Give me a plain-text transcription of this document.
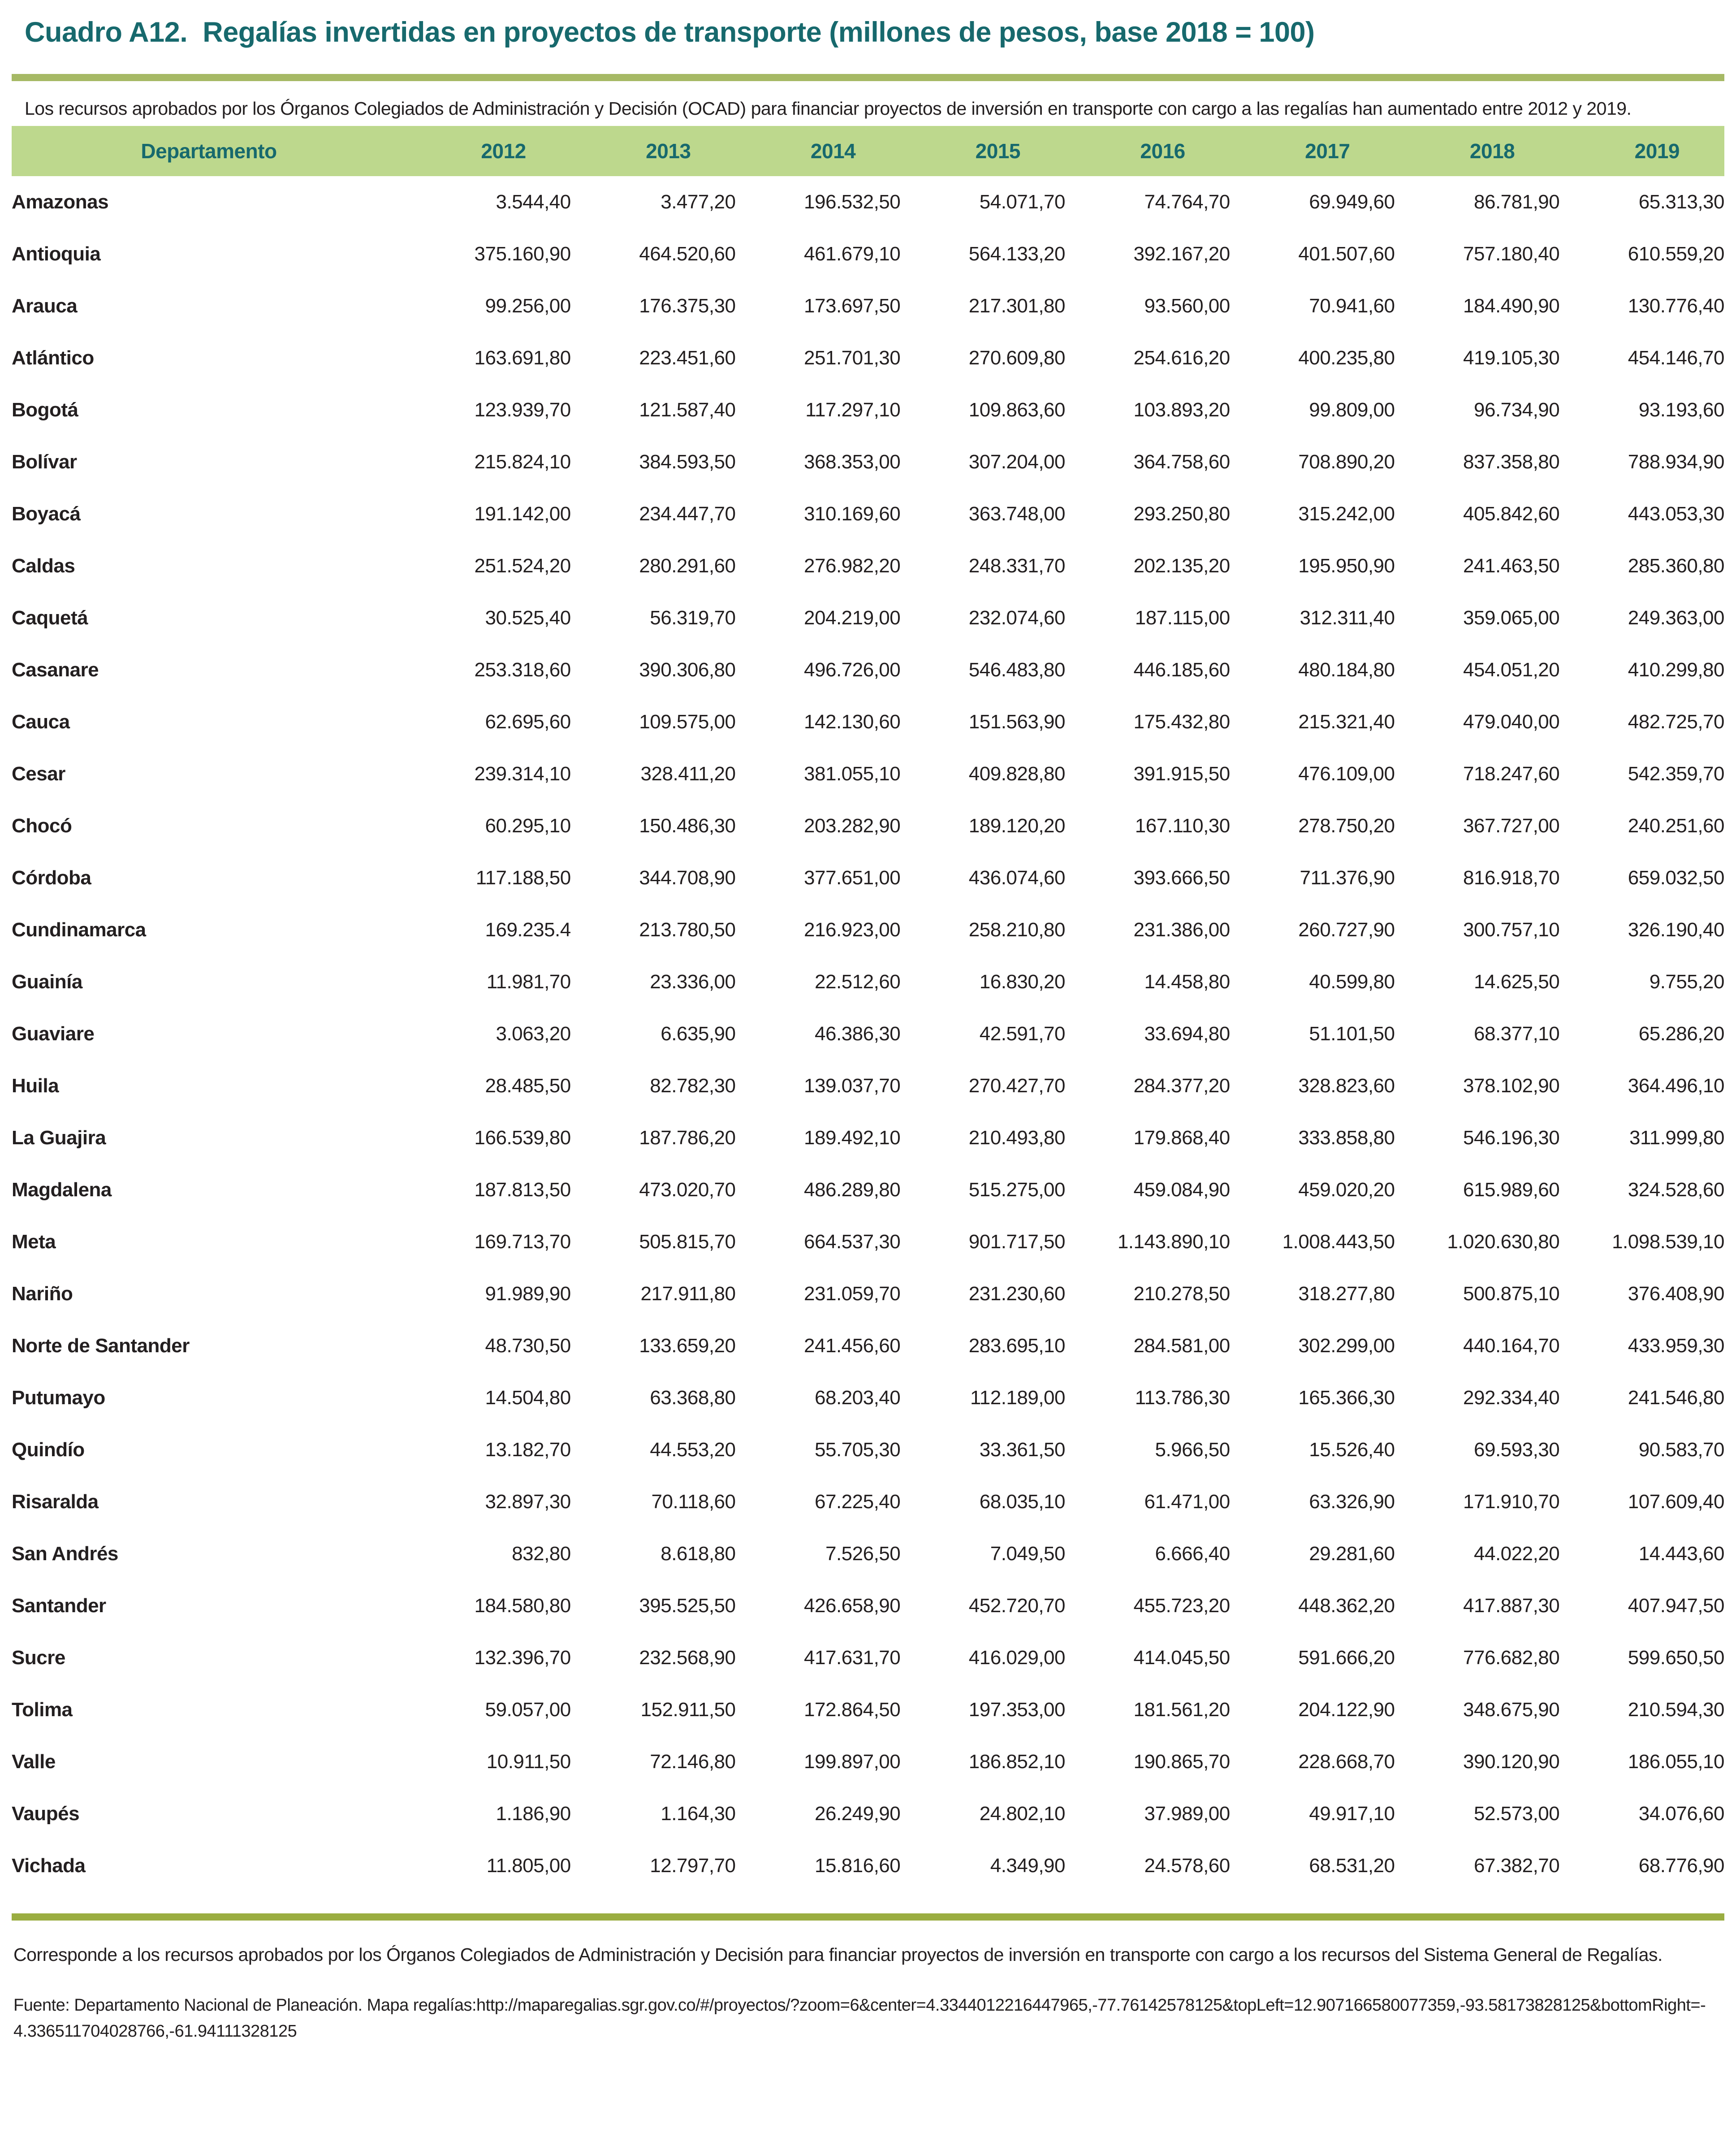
Cuadro A12.  Regalías invertidas en proyectos de transporte (millones de pesos, base 2018 = 100)

Los recursos aprobados por los Órganos Colegiados de Administración y Decisión (OCAD) para financiar proyectos de inversión en transporte con cargo a las regalías han aumentado entre 2012 y 2019.

Departamento	2012	2013	2014	2015	2016	2017	2018	2019
Amazonas	3.544,40	3.477,20	196.532,50	54.071,70	74.764,70	69.949,60	86.781,90	65.313,30
Antioquia	375.160,90	464.520,60	461.679,10	564.133,20	392.167,20	401.507,60	757.180,40	610.559,20
Arauca	99.256,00	176.375,30	173.697,50	217.301,80	93.560,00	70.941,60	184.490,90	130.776,40
Atlántico	163.691,80	223.451,60	251.701,30	270.609,80	254.616,20	400.235,80	419.105,30	454.146,70
Bogotá	123.939,70	121.587,40	117.297,10	109.863,60	103.893,20	99.809,00	96.734,90	93.193,60
Bolívar	215.824,10	384.593,50	368.353,00	307.204,00	364.758,60	708.890,20	837.358,80	788.934,90
Boyacá	191.142,00	234.447,70	310.169,60	363.748,00	293.250,80	315.242,00	405.842,60	443.053,30
Caldas	251.524,20	280.291,60	276.982,20	248.331,70	202.135,20	195.950,90	241.463,50	285.360,80
Caquetá	30.525,40	56.319,70	204.219,00	232.074,60	187.115,00	312.311,40	359.065,00	249.363,00
Casanare	253.318,60	390.306,80	496.726,00	546.483,80	446.185,60	480.184,80	454.051,20	410.299,80
Cauca	62.695,60	109.575,00	142.130,60	151.563,90	175.432,80	215.321,40	479.040,00	482.725,70
Cesar	239.314,10	328.411,20	381.055,10	409.828,80	391.915,50	476.109,00	718.247,60	542.359,70
Chocó	60.295,10	150.486,30	203.282,90	189.120,20	167.110,30	278.750,20	367.727,00	240.251,60
Córdoba	117.188,50	344.708,90	377.651,00	436.074,60	393.666,50	711.376,90	816.918,70	659.032,50
Cundinamarca	169.235.4	213.780,50	216.923,00	258.210,80	231.386,00	260.727,90	300.757,10	326.190,40
Guainía	11.981,70	23.336,00	22.512,60	16.830,20	14.458,80	40.599,80	14.625,50	9.755,20
Guaviare	3.063,20	6.635,90	46.386,30	42.591,70	33.694,80	51.101,50	68.377,10	65.286,20
Huila	28.485,50	82.782,30	139.037,70	270.427,70	284.377,20	328.823,60	378.102,90	364.496,10
La Guajira	166.539,80	187.786,20	189.492,10	210.493,80	179.868,40	333.858,80	546.196,30	311.999,80
Magdalena	187.813,50	473.020,70	486.289,80	515.275,00	459.084,90	459.020,20	615.989,60	324.528,60
Meta	169.713,70	505.815,70	664.537,30	901.717,50	1.143.890,10	1.008.443,50	1.020.630,80	1.098.539,10
Nariño	91.989,90	217.911,80	231.059,70	231.230,60	210.278,50	318.277,80	500.875,10	376.408,90
Norte de Santander	48.730,50	133.659,20	241.456,60	283.695,10	284.581,00	302.299,00	440.164,70	433.959,30
Putumayo	14.504,80	63.368,80	68.203,40	112.189,00	113.786,30	165.366,30	292.334,40	241.546,80
Quindío	13.182,70	44.553,20	55.705,30	33.361,50	5.966,50	15.526,40	69.593,30	90.583,70
Risaralda	32.897,30	70.118,60	67.225,40	68.035,10	61.471,00	63.326,90	171.910,70	107.609,40
San Andrés	832,80	8.618,80	7.526,50	7.049,50	6.666,40	29.281,60	44.022,20	14.443,60
Santander	184.580,80	395.525,50	426.658,90	452.720,70	455.723,20	448.362,20	417.887,30	407.947,50
Sucre	132.396,70	232.568,90	417.631,70	416.029,00	414.045,50	591.666,20	776.682,80	599.650,50
Tolima	59.057,00	152.911,50	172.864,50	197.353,00	181.561,20	204.122,90	348.675,90	210.594,30
Valle	10.911,50	72.146,80	199.897,00	186.852,10	190.865,70	228.668,70	390.120,90	186.055,10
Vaupés	1.186,90	1.164,30	26.249,90	24.802,10	37.989,00	49.917,10	52.573,00	34.076,60
Vichada	11.805,00	12.797,70	15.816,60	4.349,90	24.578,60	68.531,20	67.382,70	68.776,90

Corresponde a los recursos aprobados por los Órganos Colegiados de Administración y Decisión para financiar proyectos de inversión en transporte con cargo a los recursos del Sistema General de Regalías.

Fuente: Departamento Nacional de Planeación. Mapa regalías:http://maparegalias.sgr.gov.co/#/proyectos/?zoom=6&center=4.3344012216447965,-77.76142578125&topLeft=12.907166580077359,-93.58173828125&bottomRight=-4.336511704028766,-61.94111328125
